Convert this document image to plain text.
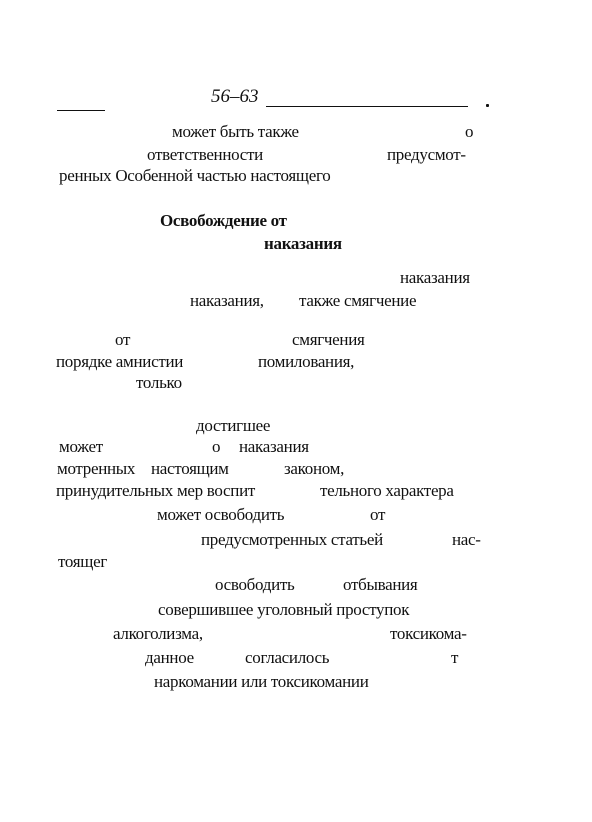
56–63
может быть также	о
ответственности	предусмот-
ренных Особенной частью настоящего
Освобождение от
наказания
наказания
наказания, также смягчение
от	смягчения
порядке амнистии	помилования,
только
достигшее
может	о наказания
мотренных настоящим	законом,
принудительных мер воспит	тельного характера
может освободить	от
предусмотренных статьей	нас-
тоящег
освободить	отбывания
совершившее уголовный проступок
алкоголизма,	токсикома-
данное	согласилось	т
наркомании или токсикомании
